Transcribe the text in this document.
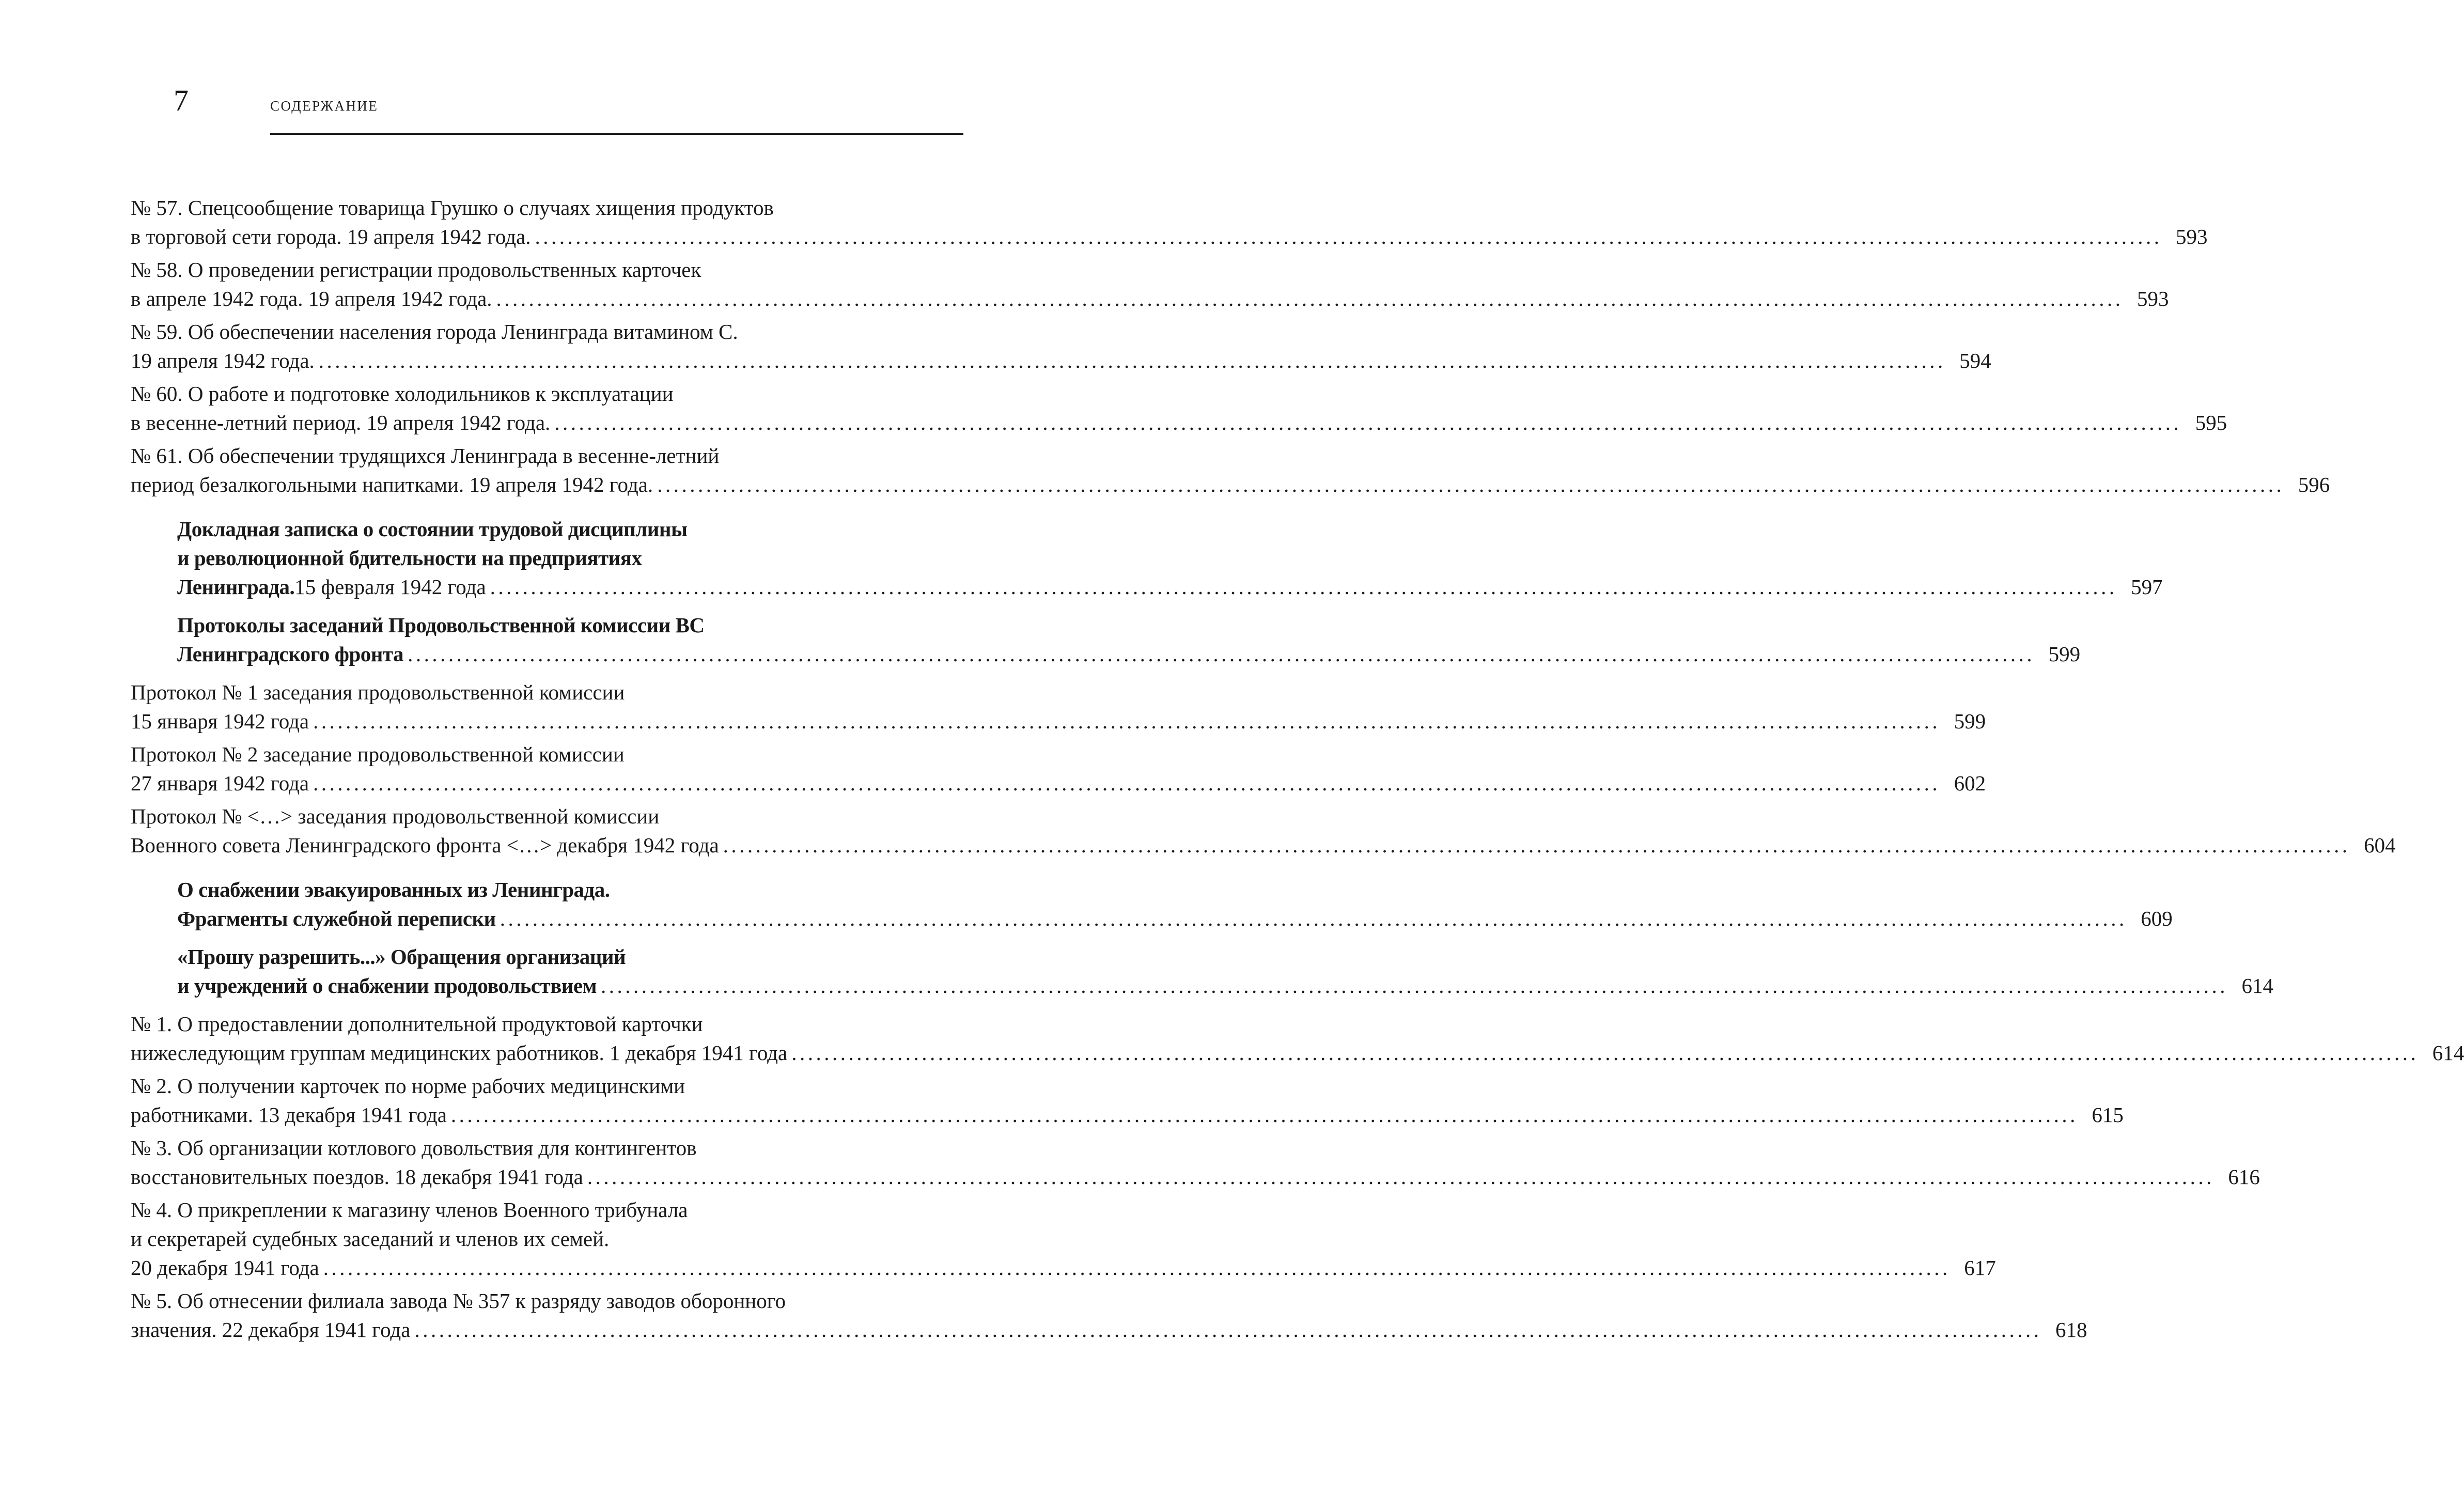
7	СОДЕРЖАНИЕ
№ 57. Спецсообщение товарища Грушко о случаях хищения продуктов
в торговой сети города. 19 апреля 1942 года. ........................................................................................................................................................................................................ 593
№ 58. О проведении регистрации продовольственных карточек
в апреле 1942 года. 19 апреля 1942 года. ........................................................................................................................................................................................................ 593
№ 59. Об обеспечении населения города Ленинграда витамином С.
19 апреля 1942 года. ........................................................................................................................................................................................................ 594
№ 60. О работе и подготовке холодильников к эксплуатации
в весенне-летний период. 19 апреля 1942 года. ........................................................................................................................................................................................................ 595
№ 61. Об обеспечении трудящихся Ленинграда в весенне-летний
период безалкогольными напитками. 19 апреля 1942 года. ........................................................................................................................................................................................................ 596
Докладная записка о состоянии трудовой дисциплины
и революционной бдительности на предприятиях
Ленинграда. 15 февраля 1942 года ........................................................................................................................................................................................................ 597
Протоколы заседаний Продовольственной комиссии ВС
Ленинградского фронта ........................................................................................................................................................................................................ 599
Протокол № 1 заседания продовольственной комиссии
15 января 1942 года ........................................................................................................................................................................................................ 599
Протокол № 2 заседание продовольственной комиссии
27 января 1942 года ........................................................................................................................................................................................................ 602
Протокол № <…> заседания продовольственной комиссии
Военного совета Ленинградского фронта <…> декабря 1942 года ........................................................................................................................................................................................................ 604
О снабжении эвакуированных из Ленинграда.
Фрагменты служебной переписки ........................................................................................................................................................................................................ 609
«Прошу разрешить...» Обращения организаций
и учреждений о снабжении продовольствием ........................................................................................................................................................................................................ 614
№ 1. О предоставлении дополнительной продуктовой карточки
нижеследующим группам медицинских работников. 1 декабря 1941 года ........................................................................................................................................................................................................ 614
№ 2. О получении карточек по норме рабочих медицинскими
работниками. 13 декабря 1941 года ........................................................................................................................................................................................................ 615
№ 3. Об организации котлового довольствия для контингентов
восстановительных поездов. 18 декабря 1941 года ........................................................................................................................................................................................................ 616
№ 4. О прикреплении к магазину членов Военного трибунала
и секретарей судебных заседаний и членов их семей.
20 декабря 1941 года ........................................................................................................................................................................................................ 617
№ 5. Об отнесении филиала завода № 357 к разряду заводов оборонного
значения. 22 декабря 1941 года ........................................................................................................................................................................................................ 618
